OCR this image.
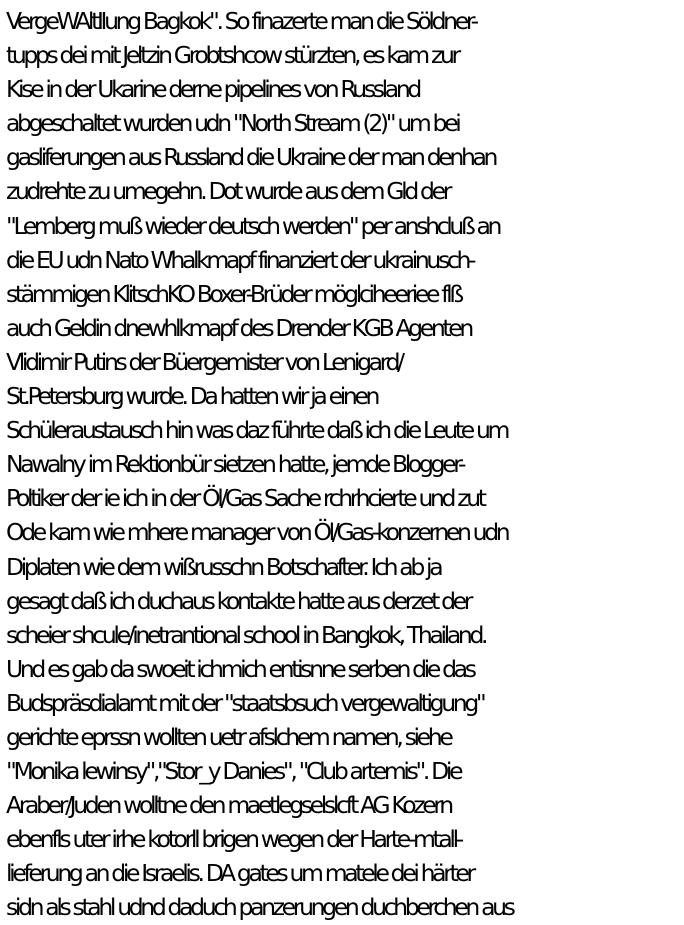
VergeWAltIIung Bagkok". So finazerte man die Söldner-

tupps dei mit Jeltzin Grobtshcow stürzten, es kam zur

Kise in der Ukarine derne pipelines von Russland

abgeschaltet wurden udn "North Stream (2)" um bei

gasliferungen aus Russland die Ukraine der man denhan

zudrehte zu umegehn. Dot wurde aus dem Gld der

"Lemberg muß wieder deutsch werden" per anshcluß an

die EU udn Nato Whalkmapf finanziert der ukrainusch-

stämmigen KlitschKO Boxer-Brüder möglciheeriee flß

auch Geldin dnewhlkmapf des Drender KGB Agenten

Vlidimir Putins der Büergemister von Lenigard/

St.Petersburg wurde. Da hatten wir ja einen

Schüleraustausch hin was daz führte daß ich die Leute um

Nawalny im Rektionbür sietzen hatte, jemde Blogger-

Poltiker der ie ich in der Öl/Gas Sache rchrhcierte und zut

Ode kam wie mhere manager von Öl/Gas-konzernen udn

Diplaten wie dem wißrusschn Botschafter. Ich ab ja

gesagt daß ich duchaus kontakte hatte aus derzet der

scheier shcule/inetrantional school in Bangkok, Thailand.

Und es gab da swoeit ichmich entisnne serben die das

Budspräsdialamt mit der "staatsbsuch vergewaltigung"

gerichte eprssn wollten uetr afslchem namen, siehe

"Monika lewinsy","Stor_y Danies", "Club artemis". Die

Araber/Juden wolltne den maetlegselslcft AG Kozern

ebenfls uter irhe kotorll brigen wegen der Harte-mtall-

lieferung an die Israelis. DA gates um matele dei härter

sidn als stahl udnd daduch panzerungen duchberchen aus
